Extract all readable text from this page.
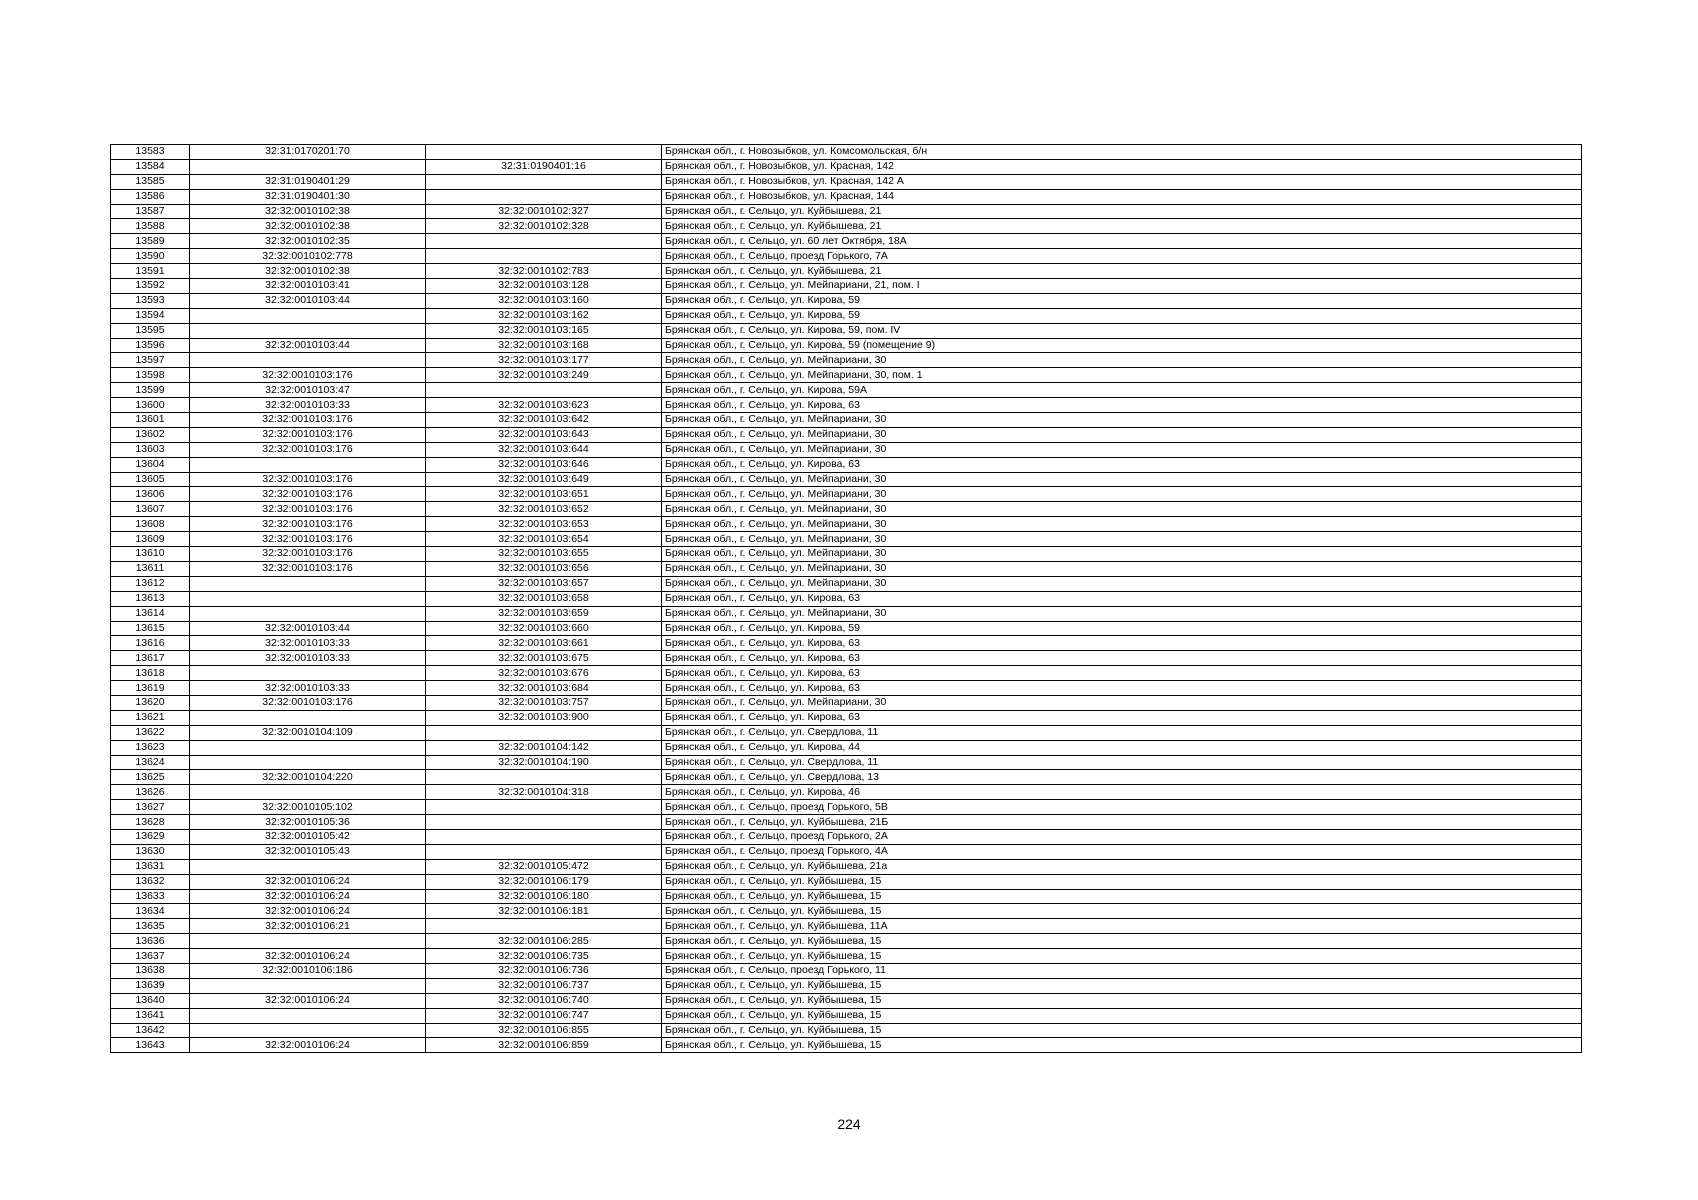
13583	32:31:0170201:70		Брянская обл., г. Новозыбков, ул. Комсомольская, б/н
13584		32:31:0190401:16	Брянская обл., г. Новозыбков, ул. Красная, 142
13585	32:31:0190401:29		Брянская обл., г. Новозыбков, ул. Красная, 142 А
13586	32:31:0190401:30		Брянская обл., г. Новозыбков, ул. Красная, 144
13587	32:32:0010102:38	32:32:0010102:327	Брянская обл., г. Сельцо, ул. Куйбышева, 21
13588	32:32:0010102:38	32:32:0010102:328	Брянская обл., г. Сельцо, ул. Куйбышева, 21
13589	32:32:0010102:35		Брянская обл., г. Сельцо, ул. 60 лет Октября, 18А
13590	32:32:0010102:778		Брянская обл., г. Сельцо, проезд Горького, 7А
13591	32:32:0010102:38	32:32:0010102:783	Брянская обл., г. Сельцо, ул. Куйбышева, 21
13592	32:32:0010103:41	32:32:0010103:128	Брянская обл., г. Сельцо, ул. Мейпариани, 21, пом. I
13593	32:32:0010103:44	32:32:0010103:160	Брянская обл., г. Сельцо, ул. Кирова, 59
13594		32:32:0010103:162	Брянская обл., г. Сельцо, ул. Кирова, 59
13595		32:32:0010103:165	Брянская обл., г. Сельцо, ул. Кирова, 59, пом. IV
13596	32:32:0010103:44	32:32:0010103:168	Брянская обл., г. Сельцо, ул. Кирова, 59 (помещение 9)
13597		32:32:0010103:177	Брянская обл., г. Сельцо, ул. Мейпариани, 30
13598	32:32:0010103:176	32:32:0010103:249	Брянская обл., г. Сельцо, ул. Мейпариани, 30, пом. 1
13599	32:32:0010103:47		Брянская обл., г. Сельцо, ул. Кирова, 59А
13600	32:32:0010103:33	32:32:0010103:623	Брянская обл., г. Сельцо, ул. Кирова, 63
13601	32:32:0010103:176	32:32:0010103:642	Брянская обл., г. Сельцо, ул. Мейпариани, 30
13602	32:32:0010103:176	32:32:0010103:643	Брянская обл., г. Сельцо, ул. Мейпариани, 30
13603	32:32:0010103:176	32:32:0010103:644	Брянская обл., г. Сельцо, ул. Мейпариани, 30
13604		32:32:0010103:646	Брянская обл., г. Сельцо, ул. Кирова, 63
13605	32:32:0010103:176	32:32:0010103:649	Брянская обл., г. Сельцо, ул. Мейпариани, 30
13606	32:32:0010103:176	32:32:0010103:651	Брянская обл., г. Сельцо, ул. Мейпариани, 30
13607	32:32:0010103:176	32:32:0010103:652	Брянская обл., г. Сельцо, ул. Мейпариани, 30
13608	32:32:0010103:176	32:32:0010103:653	Брянская обл., г. Сельцо, ул. Мейпариани, 30
13609	32:32:0010103:176	32:32:0010103:654	Брянская обл., г. Сельцо, ул. Мейпариани, 30
13610	32:32:0010103:176	32:32:0010103:655	Брянская обл., г. Сельцо, ул. Мейпариани, 30
13611	32:32:0010103:176	32:32:0010103:656	Брянская обл., г. Сельцо, ул. Мейпариани, 30
13612		32:32:0010103:657	Брянская обл., г. Сельцо, ул. Мейпариани, 30
13613		32:32:0010103:658	Брянская обл., г. Сельцо, ул. Кирова, 63
13614		32:32:0010103:659	Брянская обл., г. Сельцо, ул. Мейпариани, 30
13615	32:32:0010103:44	32:32:0010103:660	Брянская обл., г. Сельцо, ул. Кирова, 59
13616	32:32:0010103:33	32:32:0010103:661	Брянская обл., г. Сельцо, ул. Кирова, 63
13617	32:32:0010103:33	32:32:0010103:675	Брянская обл., г. Сельцо, ул. Кирова, 63
13618		32:32:0010103:676	Брянская обл., г. Сельцо, ул. Кирова, 63
13619	32:32:0010103:33	32:32:0010103:684	Брянская обл., г. Сельцо, ул. Кирова, 63
13620	32:32:0010103:176	32:32:0010103:757	Брянская обл., г. Сельцо, ул. Мейпариани, 30
13621		32:32:0010103:900	Брянская обл., г. Сельцо, ул. Кирова, 63
13622	32:32:0010104:109		Брянская обл., г. Сельцо, ул. Свердлова, 11
13623		32:32:0010104:142	Брянская обл., г. Сельцо, ул. Кирова, 44
13624		32:32:0010104:190	Брянская обл., г. Сельцо, ул. Свердлова, 11
13625	32:32:0010104:220		Брянская обл., г. Сельцо, ул. Свердлова, 13
13626		32:32:0010104:318	Брянская обл., г. Сельцо, ул. Кирова, 46
13627	32:32:0010105:102		Брянская обл., г. Сельцо, проезд Горького, 5В
13628	32:32:0010105:36		Брянская обл., г. Сельцо, ул. Куйбышева, 21Б
13629	32:32:0010105:42		Брянская обл., г. Сельцо, проезд Горького, 2А
13630	32:32:0010105:43		Брянская обл., г. Сельцо, проезд Горького, 4А
13631		32:32:0010105:472	Брянская обл., г. Сельцо, ул. Куйбышева, 21а
13632	32:32:0010106:24	32:32:0010106:179	Брянская обл., г. Сельцо, ул. Куйбышева, 15
13633	32:32:0010106:24	32:32:0010106:180	Брянская обл., г. Сельцо, ул. Куйбышева, 15
13634	32:32:0010106:24	32:32:0010106:181	Брянская обл., г. Сельцо, ул. Куйбышева, 15
13635	32:32:0010106:21		Брянская обл., г. Сельцо, ул. Куйбышева, 11А
13636		32:32:0010106:285	Брянская обл., г. Сельцо, ул. Куйбышева, 15
13637	32:32:0010106:24	32:32:0010106:735	Брянская обл., г. Сельцо, ул. Куйбышева, 15
13638	32:32:0010106:186	32:32:0010106:736	Брянская обл., г. Сельцо, проезд Горького, 11
13639		32:32:0010106:737	Брянская обл., г. Сельцо, ул. Куйбышева, 15
13640	32:32:0010106:24	32:32:0010106:740	Брянская обл., г. Сельцо, ул. Куйбышева, 15
13641		32:32:0010106:747	Брянская обл., г. Сельцо, ул. Куйбышева, 15
13642		32:32:0010106:855	Брянская обл., г. Сельцо, ул. Куйбышева, 15
13643	32:32:0010106:24	32:32:0010106:859	Брянская обл., г. Сельцо, ул. Куйбышева, 15
224
